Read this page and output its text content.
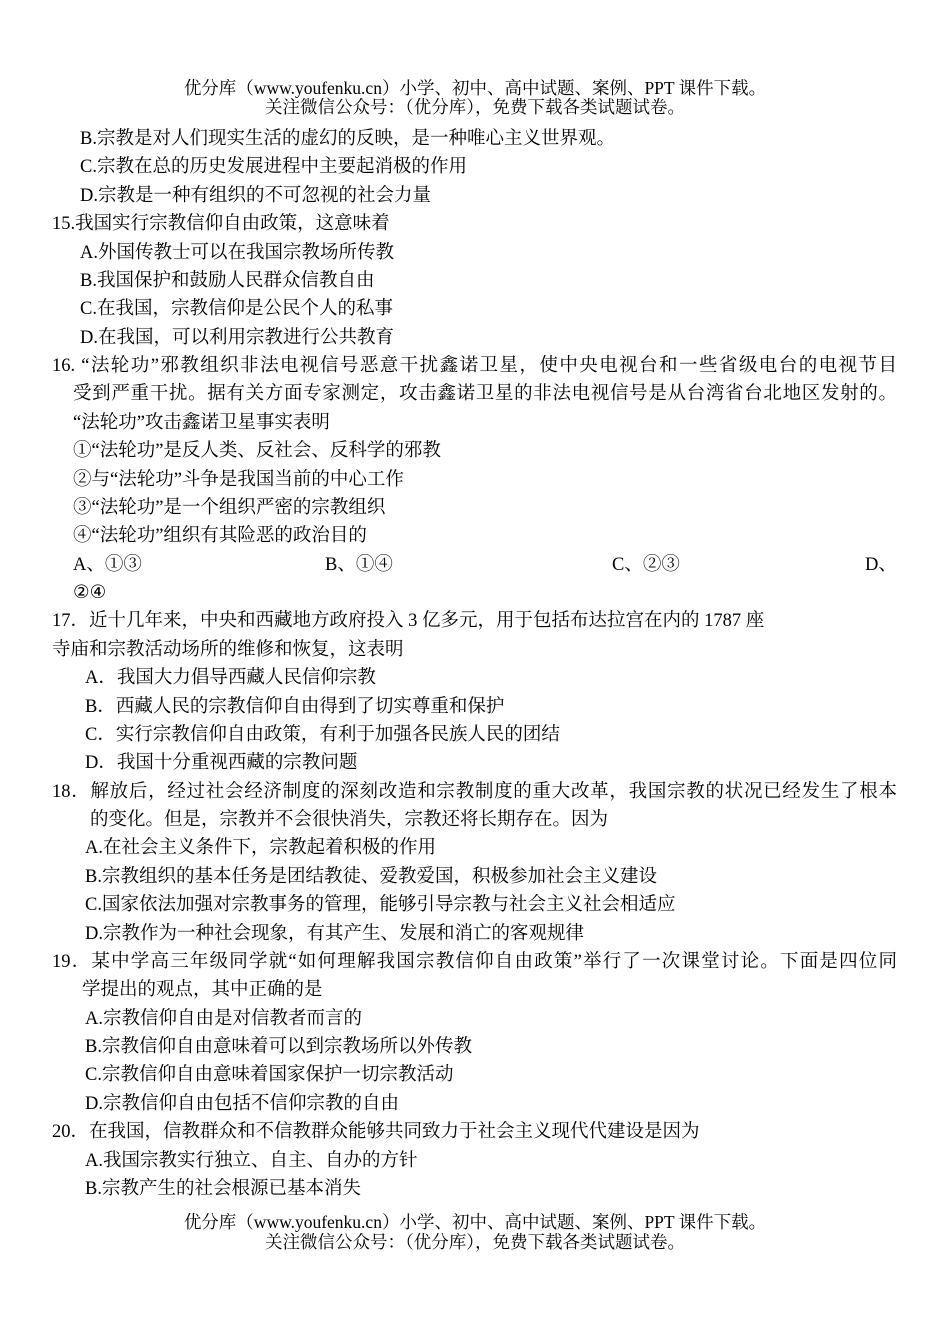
优分库（www.youfenku.cn）小学、初中、高中试题、案例、PPT 课件下载。
关注微信公众号：（优分库），免费下载各类试题试卷。
B.宗教是对人们现实生活的虚幻的反映，是一种唯心主义世界观。
C.宗教在总的历史发展进程中主要起消极的作用
D.宗教是一种有组织的不可忽视的社会力量
15.我国实行宗教信仰自由政策，这意味着
A.外国传教士可以在我国宗教场所传教
B.我国保护和鼓励人民群众信教自由
C.在我国，宗教信仰是公民个人的私事
D.在我国，可以利用宗教进行公共教育
16. “法轮功”邪教组织非法电视信号恶意干扰鑫诺卫星，使中央电视台和一些省级电台的电视节目
受到严重干扰。据有关方面专家测定，攻击鑫诺卫星的非法电视信号是从台湾省台北地区发射的。
“法轮功”攻击鑫诺卫星事实表明
①“法轮功”是反人类、反社会、反科学的邪教
②与“法轮功”斗争是我国当前的中心工作
③“法轮功”是一个组织严密的宗教组织
④“法轮功”组织有其险恶的政治目的
A、①③	B、①④	C、②③	D、
②④
17．近十几年来，中央和西藏地方政府投入 3 亿多元，用于包括布达拉宫在内的 1787 座
寺庙和宗教活动场所的维修和恢复，这表明
A．我国大力倡导西藏人民信仰宗教
B．西藏人民的宗教信仰自由得到了切实尊重和保护
C．实行宗教信仰自由政策，有利于加强各民族人民的团结
D．我国十分重视西藏的宗教问题
18．解放后，经过社会经济制度的深刻改造和宗教制度的重大改革，我国宗教的状况已经发生了根本
的变化。但是，宗教并不会很快消失，宗教还将长期存在。因为
A.在社会主义条件下，宗教起着积极的作用
B.宗教组织的基本任务是团结教徒、爱教爱国，积极参加社会主义建设
C.国家依法加强对宗教事务的管理，能够引导宗教与社会主义社会相适应
D.宗教作为一种社会现象，有其产生、发展和消亡的客观规律
19．某中学高三年级同学就“如何理解我国宗教信仰自由政策”举行了一次课堂讨论。下面是四位同
学提出的观点，其中正确的是
A.宗教信仰自由是对信教者而言的
B.宗教信仰自由意味着可以到宗教场所以外传教
C.宗教信仰自由意味着国家保护一切宗教活动
D.宗教信仰自由包括不信仰宗教的自由
20．在我国，信教群众和不信教群众能够共同致力于社会主义现代代建设是因为
A.我国宗教实行独立、自主、自办的方针
B.宗教产生的社会根源已基本消失
优分库（www.youfenku.cn）小学、初中、高中试题、案例、PPT 课件下载。
关注微信公众号：（优分库），免费下载各类试题试卷。
